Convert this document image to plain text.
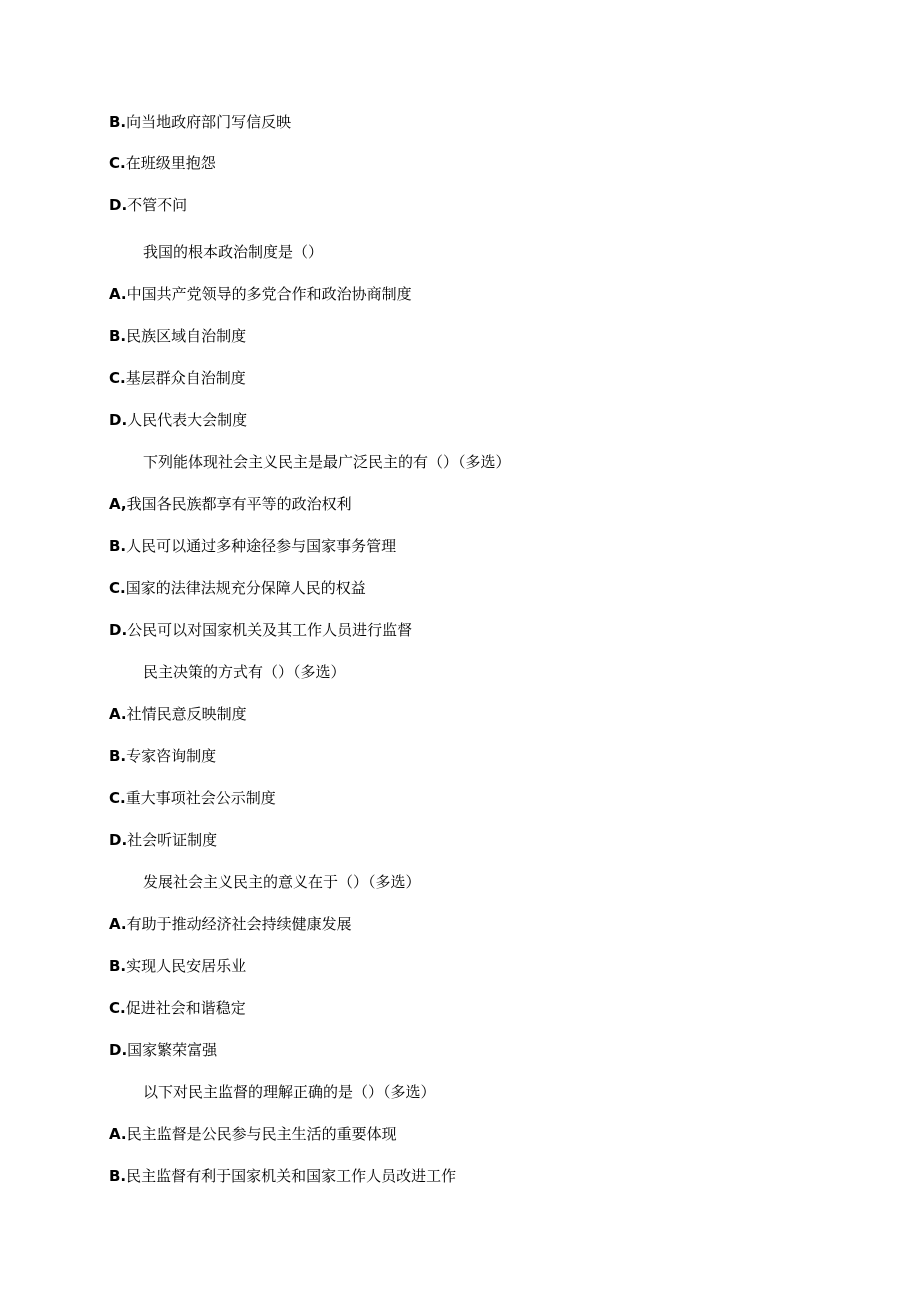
B.向当地政府部门写信反映
C.在班级里抱怨
D.不管不问
我国的根本政治制度是（）
A.中国共产党领导的多党合作和政治协商制度
B.民族区域自治制度
C.基层群众自治制度
D.人民代表大会制度
下列能体现社会主义民主是最广泛民主的有（）（多选）
A,我国各民族都享有平等的政治权利
B.人民可以通过多种途径参与国家事务管理
C.国家的法律法规充分保障人民的权益
D.公民可以对国家机关及其工作人员进行监督
民主决策的方式有（）（多选）
A.社情民意反映制度
B.专家咨询制度
C.重大事项社会公示制度
D.社会听证制度
发展社会主义民主的意义在于（）（多选）
A.有助于推动经济社会持续健康发展
B.实现人民安居乐业
C.促进社会和谐稳定
D.国家繁荣富强
以下对民主监督的理解正确的是（）（多选）
A.民主监督是公民参与民主生活的重要体现
B.民主监督有利于国家机关和国家工作人员改进工作
